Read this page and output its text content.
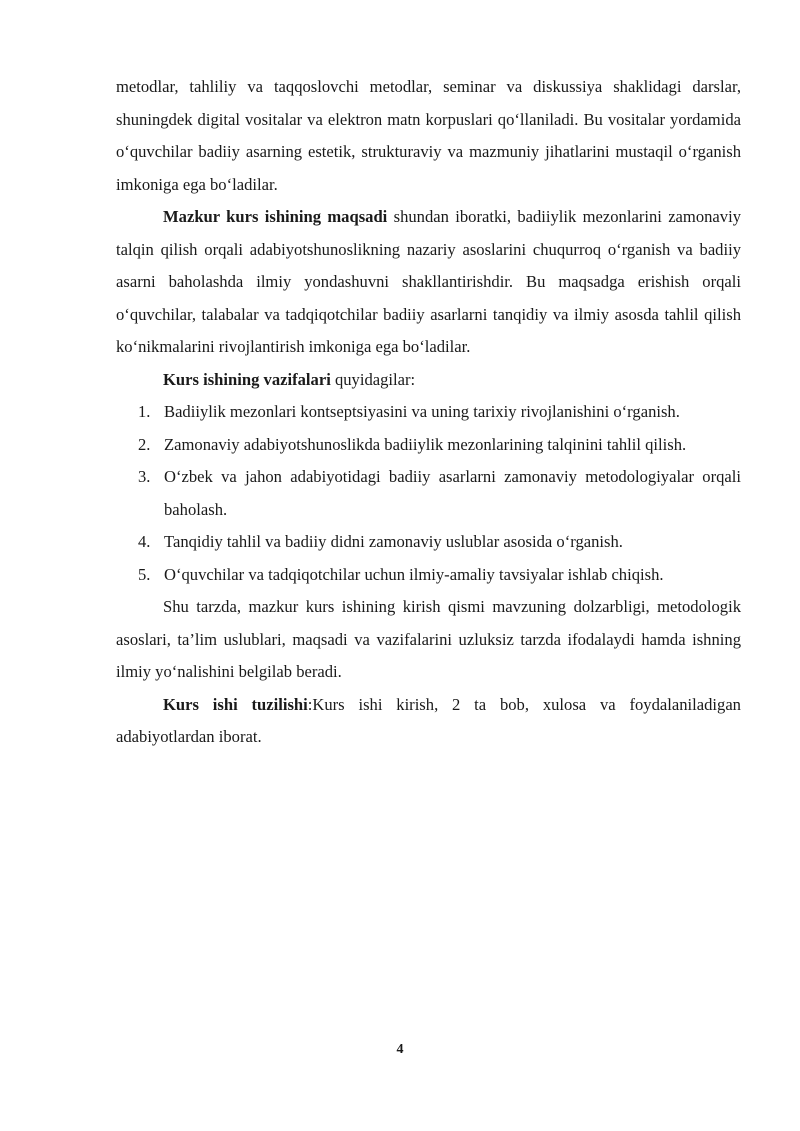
metodlar, tahliliy va taqqoslovchi metodlar, seminar va diskussiya shaklidagi darslar, shuningdek digital vositalar va elektron matn korpuslari qo‘llaniladi. Bu vositalar yordamida o‘quvchilar badiiy asarning estetik, strukturaviy va mazmuniy jihatlarini mustaqil o‘rganish imkoniga ega bo‘ladilar.

Mazkur kurs ishining maqsadi shundan iboratki, badiiylik mezonlarini zamonaviy talqin qilish orqali adabiyotshunoslikning nazariy asoslarini chuqurroq o‘rganish va badiiy asarni baholashda ilmiy yondashuvni shakllantirishdir. Bu maqsadga erishish orqali o‘quvchilar, talabalar va tadqiqotchilar badiiy asarlarni tanqidiy va ilmiy asosda tahlil qilish ko‘nikmalarini rivojlantirish imkoniga ega bo‘ladilar.

Kurs ishining vazifalari quyidagilar:

1. Badiiylik mezonlari kontseptsiyasini va uning tarixiy rivojlanishini o‘rganish.
2. Zamonaviy adabiyotshunoslikda badiiylik mezonlarining talqinini tahlil qilish.
3. O‘zbek va jahon adabiyotidagi badiiy asarlarni zamonaviy metodologiyalar orqali baholash.
4. Tanqidiy tahlil va badiiy didni zamonaviy uslublar asosida o‘rganish.
5. O‘quvchilar va tadqiqotchilar uchun ilmiy-amaliy tavsiyalar ishlab chiqish.

Shu tarzda, mazkur kurs ishining kirish qismi mavzuning dolzarbligi, metodologik asoslari, ta’lim uslublari, maqsadi va vazifalarini uzluksiz tarzda ifodalaydi hamda ishning ilmiy yo‘nalishini belgilab beradi.

Kurs ishi tuzilishi:Kurs ishi kirish, 2 ta bob, xulosa va foydalaniladigan adabiyotlardan iborat.

4
